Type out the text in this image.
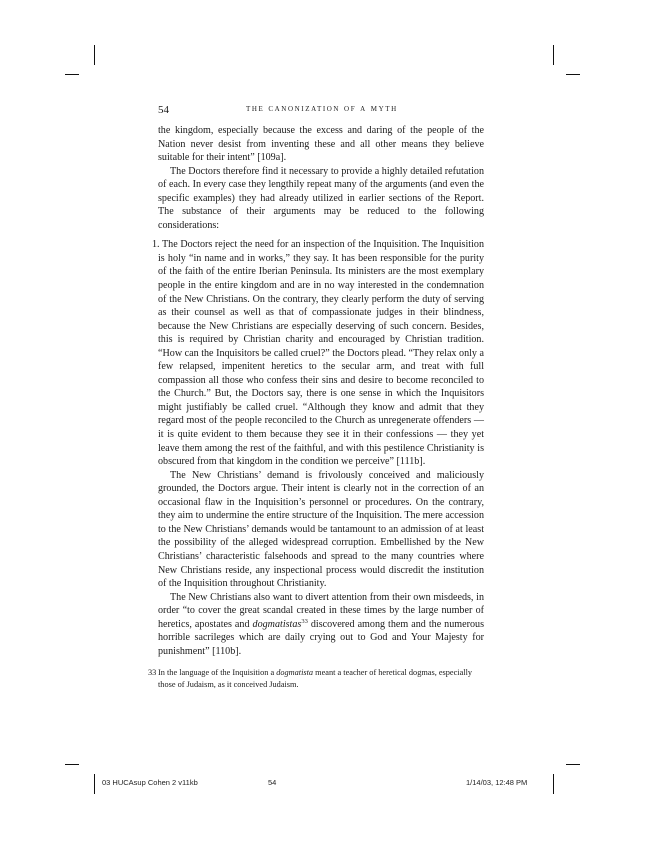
54	the canonization of a myth

the kingdom, especially because the excess and daring of the people of the Nation never desist from inventing these and all other means they believe suitable for their intent” [109a].

The Doctors therefore find it necessary to provide a highly detailed refutation of each. In every case they lengthily repeat many of the arguments (and even the specific examples) they had already utilized in earlier sections of the Report. The substance of their arguments may be reduced to the following considerations:

1. The Doctors reject the need for an inspection of the Inquisition. The Inquisition is holy “in name and in works,” they say. It has been responsible for the purity of the faith of the entire Iberian Peninsula. Its ministers are the most exemplary people in the entire kingdom and are in no way interested in the condemnation of the New Christians. On the contrary, they clearly perform the duty of serving as their counsel as well as that of compassionate judges in their blindness, because the New Christians are especially deserving of such concern. Besides, this is required by Christian charity and encouraged by Christian tradition. “How can the Inquisitors be called cruel?” the Doctors plead. “They relax only a few relapsed, impenitent heretics to the secular arm, and treat with full compassion all those who confess their sins and desire to become reconciled to the Church.” But, the Doctors say, there is one sense in which the Inquisitors might justifiably be called cruel. “Although they know and admit that they regard most of the people reconciled to the Church as unregenerate offenders — it is quite evident to them because they see it in their confessions — they yet leave them among the rest of the faithful, and with this pestilence Christianity is obscured from that kingdom in the condition we perceive” [111b].

The New Christians’ demand is frivolously conceived and maliciously grounded, the Doctors argue. Their intent is clearly not in the correction of an occasional flaw in the Inquisition’s personnel or procedures. On the contrary, they aim to undermine the entire structure of the Inquisition. The mere accession to the New Christians’ demands would be tantamount to an admission of at least the possibility of the alleged widespread corruption. Embellished by the New Christians’ characteristic falsehoods and spread to the many countries where New Christians reside, any inspectional process would discredit the institution of the Inquisition throughout Christianity.

The New Christians also want to divert attention from their own misdeeds, in order “to cover the great scandal created in these times by the large number of heretics, apostates and dogmatistas$^{33}$ discovered among them and the numerous horrible sacrileges which are daily crying out to God and Your Majesty for punishment” [110b].

33 In the language of the Inquisition a dogmatista meant a teacher of heretical dogmas, especially those of Judaism, as it conceived Judaism.
03 HUCAsup Cohen 2 v11kb	54	1/14/03, 12:48 PM
